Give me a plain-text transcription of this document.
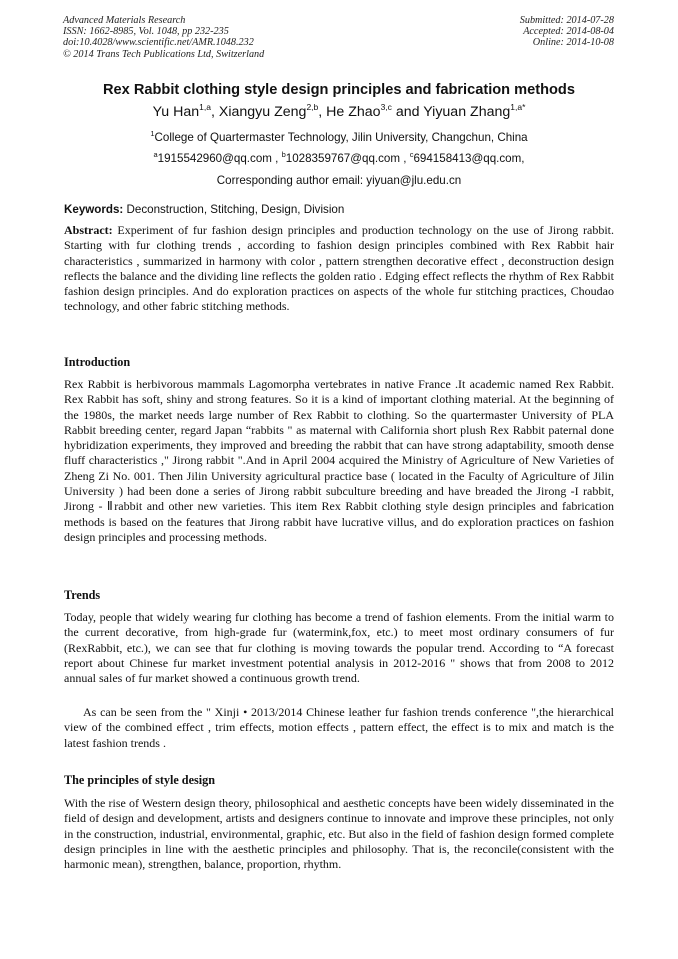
Advanced Materials Research
ISSN: 1662-8985, Vol. 1048, pp 232-235
doi:10.4028/www.scientific.net/AMR.1048.232
© 2014 Trans Tech Publications Ltd, Switzerland
Submitted: 2014-07-28
Accepted: 2014-08-04
Online: 2014-10-08
Rex Rabbit clothing style design principles and fabrication methods
Yu Han$^{1,a}$, Xiangyu Zeng$^{2,b}$, He Zhao$^{3,c}$ and Yiyuan Zhang$^{1,a*}$
$^1$College of Quartermaster Technology, Jilin University, Changchun, China
$^a$1915542960@qq.com , $^b$1028359767@qq.com , $^c$694158413@qq.com,
Corresponding author email: yiyuan@jlu.edu.cn
Keywords: Deconstruction, Stitching, Design, Division

Abstract: Experiment of fur fashion design principles and production technology on the use of Jirong rabbit. Starting with fur clothing trends , according to fashion design principles combined with Rex Rabbit hair characteristics , summarized in harmony with color , pattern strengthen decorative effect , deconstruction design reflects the balance and the dividing line reflects the golden ratio . Edging effect reflects the rhythm of Rex Rabbit fashion design principles. And do exploration practices on aspects of the whole fur stitching practices, Choudao technology, and other fabric stitching methods.

Introduction

Rex Rabbit is herbivorous mammals Lagomorpha vertebrates in native France .It academic named Rex Rabbit. Rex Rabbit has soft, shiny and strong features. So it is a kind of important clothing material. At the beginning of the 1980s, the market needs large number of Rex Rabbit to clothing. So the quartermaster University of PLA Rabbit breeding center, regard Japan “rabbits " as maternal with California short plush Rex Rabbit paternal done hybridization experiments, they improved and breeding the rabbit that can have strong adaptability, smooth dense fluff characteristics ," Jirong rabbit ".And in April 2004 acquired the Ministry of Agriculture of New Varieties of Zheng Zi No. 001. Then Jilin University agricultural practice base ( located in the Faculty of Agriculture of Jilin University ) had been done a series of Jirong rabbit subculture breeding and have breaded the Jirong -I rabbit, Jirong - Ⅱrabbit and other new varieties. This item Rex Rabbit clothing style design principles and fabrication methods is based on the features that Jirong rabbit have lucrative villus, and do exploration practices on fashion design principles and processing methods.

Trends

Today, people that widely wearing fur clothing has become a trend of fashion elements. From the initial warm to the current decorative, from high-grade fur (watermink,fox, etc.) to meet most ordinary consumers of fur (RexRabbit, etc.), we can see that fur clothing is moving towards the popular trend. According to “A forecast report about Chinese fur market investment potential analysis in 2012-2016 " shows that from 2008 to 2012 annual sales of fur market showed a continuous growth trend.

As can be seen from the " Xinji • 2013/2014 Chinese leather fur fashion trends conference ",the hierarchical view of the combined effect , trim effects, motion effects , pattern effect, the effect is to mix and match is the latest fashion trends .

The principles of style design

With the rise of Western design theory, philosophical and aesthetic concepts have been widely disseminated in the field of design and development, artists and designers continue to innovate and improve these principles, not only in the construction, industrial, environmental, graphic, etc. But also in the field of fashion design formed complete design principles in line with the aesthetic principles and philosophy. That is, the reconcile(consistent with the harmonic mean), strengthen, balance, proportion, rhythm.
